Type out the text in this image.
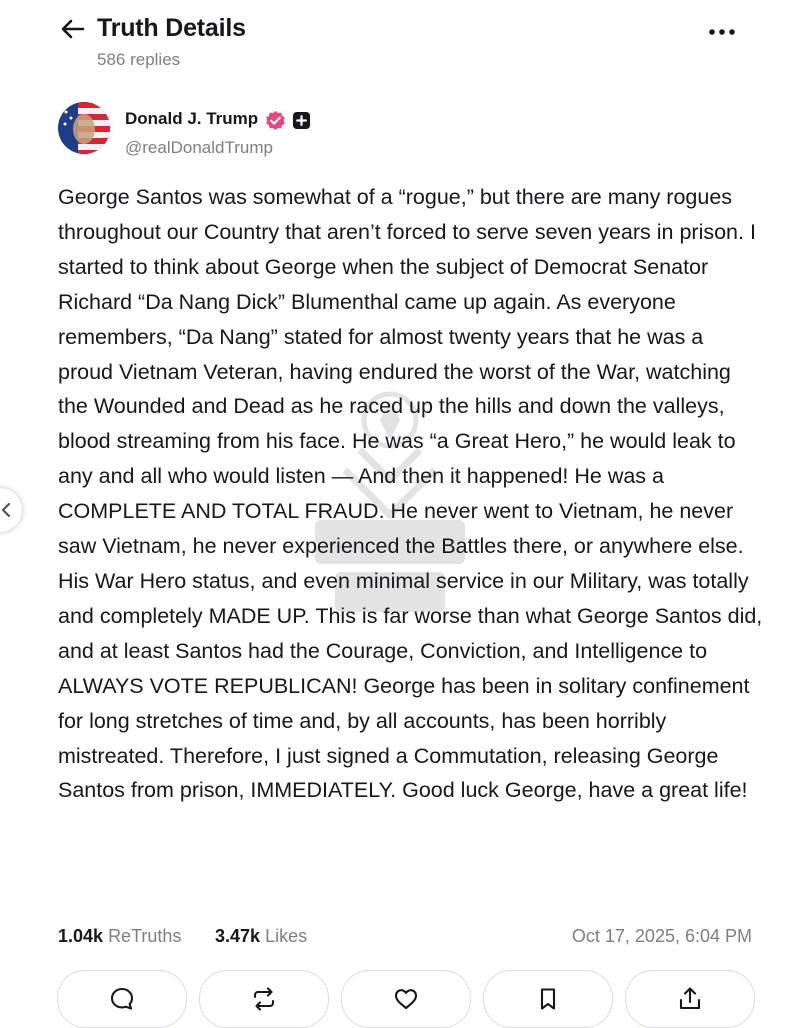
Truth Details
586 replies
Donald J. Trump
@realDonaldTrump

George Santos was somewhat of a “rogue,” but there are many rogues throughout our Country that aren’t forced to serve seven years in prison. I started to think about George when the subject of Democrat Senator Richard “Da Nang Dick” Blumenthal came up again. As everyone remembers, “Da Nang” stated for almost twenty years that he was a proud Vietnam Veteran, having endured the worst of the War, watching the Wounded and Dead as he raced up the hills and down the valleys, blood streaming from his face. He was “a Great Hero,” he would leak to any and all who would listen — And then it happened! He was a COMPLETE AND TOTAL FRAUD. He never went to Vietnam, he never saw Vietnam, he never experienced the Battles there, or anywhere else. His War Hero status, and even minimal service in our Military, was totally and completely MADE UP. This is far worse than what George Santos did, and at least Santos had the Courage, Conviction, and Intelligence to ALWAYS VOTE REPUBLICAN! George has been in solitary confinement for long stretches of time and, by all accounts, has been horribly mistreated. Therefore, I just signed a Commutation, releasing George Santos from prison, IMMEDIATELY. Good luck George, have a great life!

1.04k ReTruths 3.47k Likes	Oct 17, 2025, 6:04 PM
